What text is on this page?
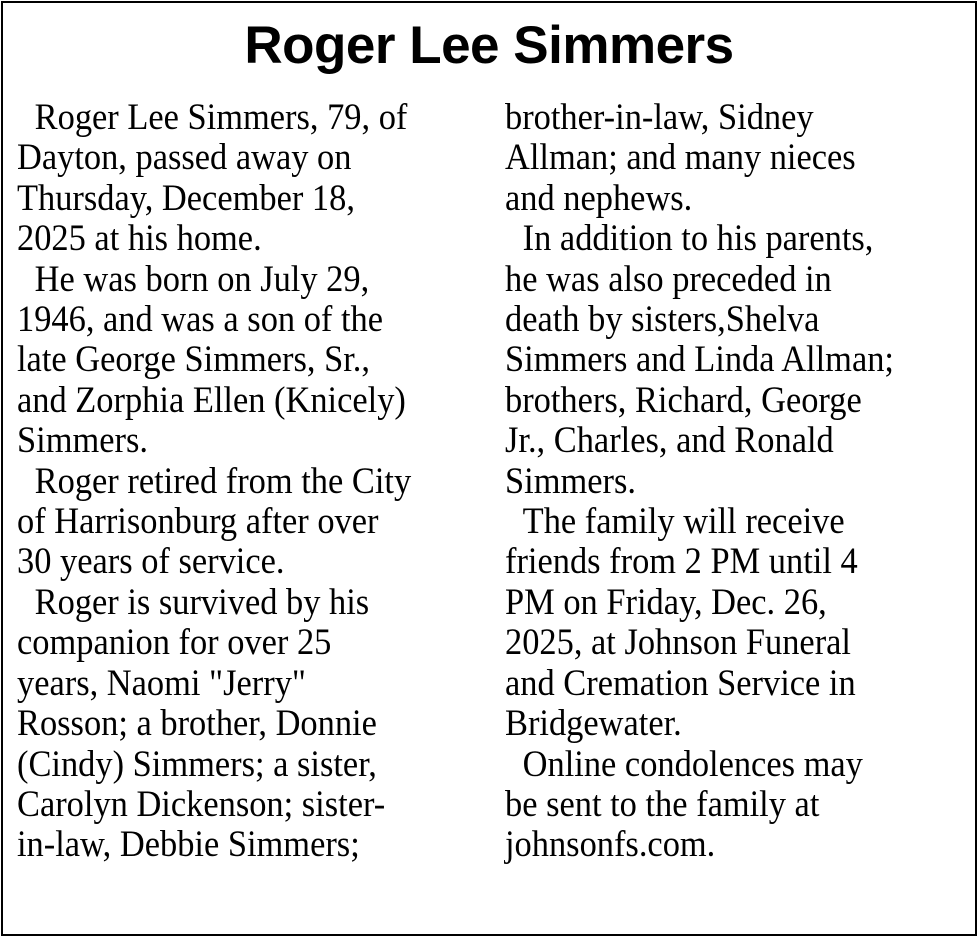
Roger Lee Simmers
Roger Lee Simmers, 79, of
Dayton, passed away on
Thursday, December 18,
2025 at his home.
He was born on July 29,
1946, and was a son of the
late George Simmers, Sr.,
and Zorphia Ellen (Knicely)
Simmers.
Roger retired from the City
of Harrisonburg after over
30 years of service.
Roger is survived by his
companion for over 25
years, Naomi "Jerry"
Rosson; a brother, Donnie
(Cindy) Simmers; a sister,
Carolyn Dickenson; sister-
in-law, Debbie Simmers;
brother-in-law, Sidney
Allman; and many nieces
and nephews.
In addition to his parents,
he was also preceded in
death by sisters,Shelva
Simmers and Linda Allman;
brothers, Richard, George
Jr., Charles, and Ronald
Simmers.
The family will receive
friends from 2 PM until 4
PM on Friday, Dec. 26,
2025, at Johnson Funeral
and Cremation Service in
Bridgewater.
Online condolences may
be sent to the family at
johnsonfs.com.
